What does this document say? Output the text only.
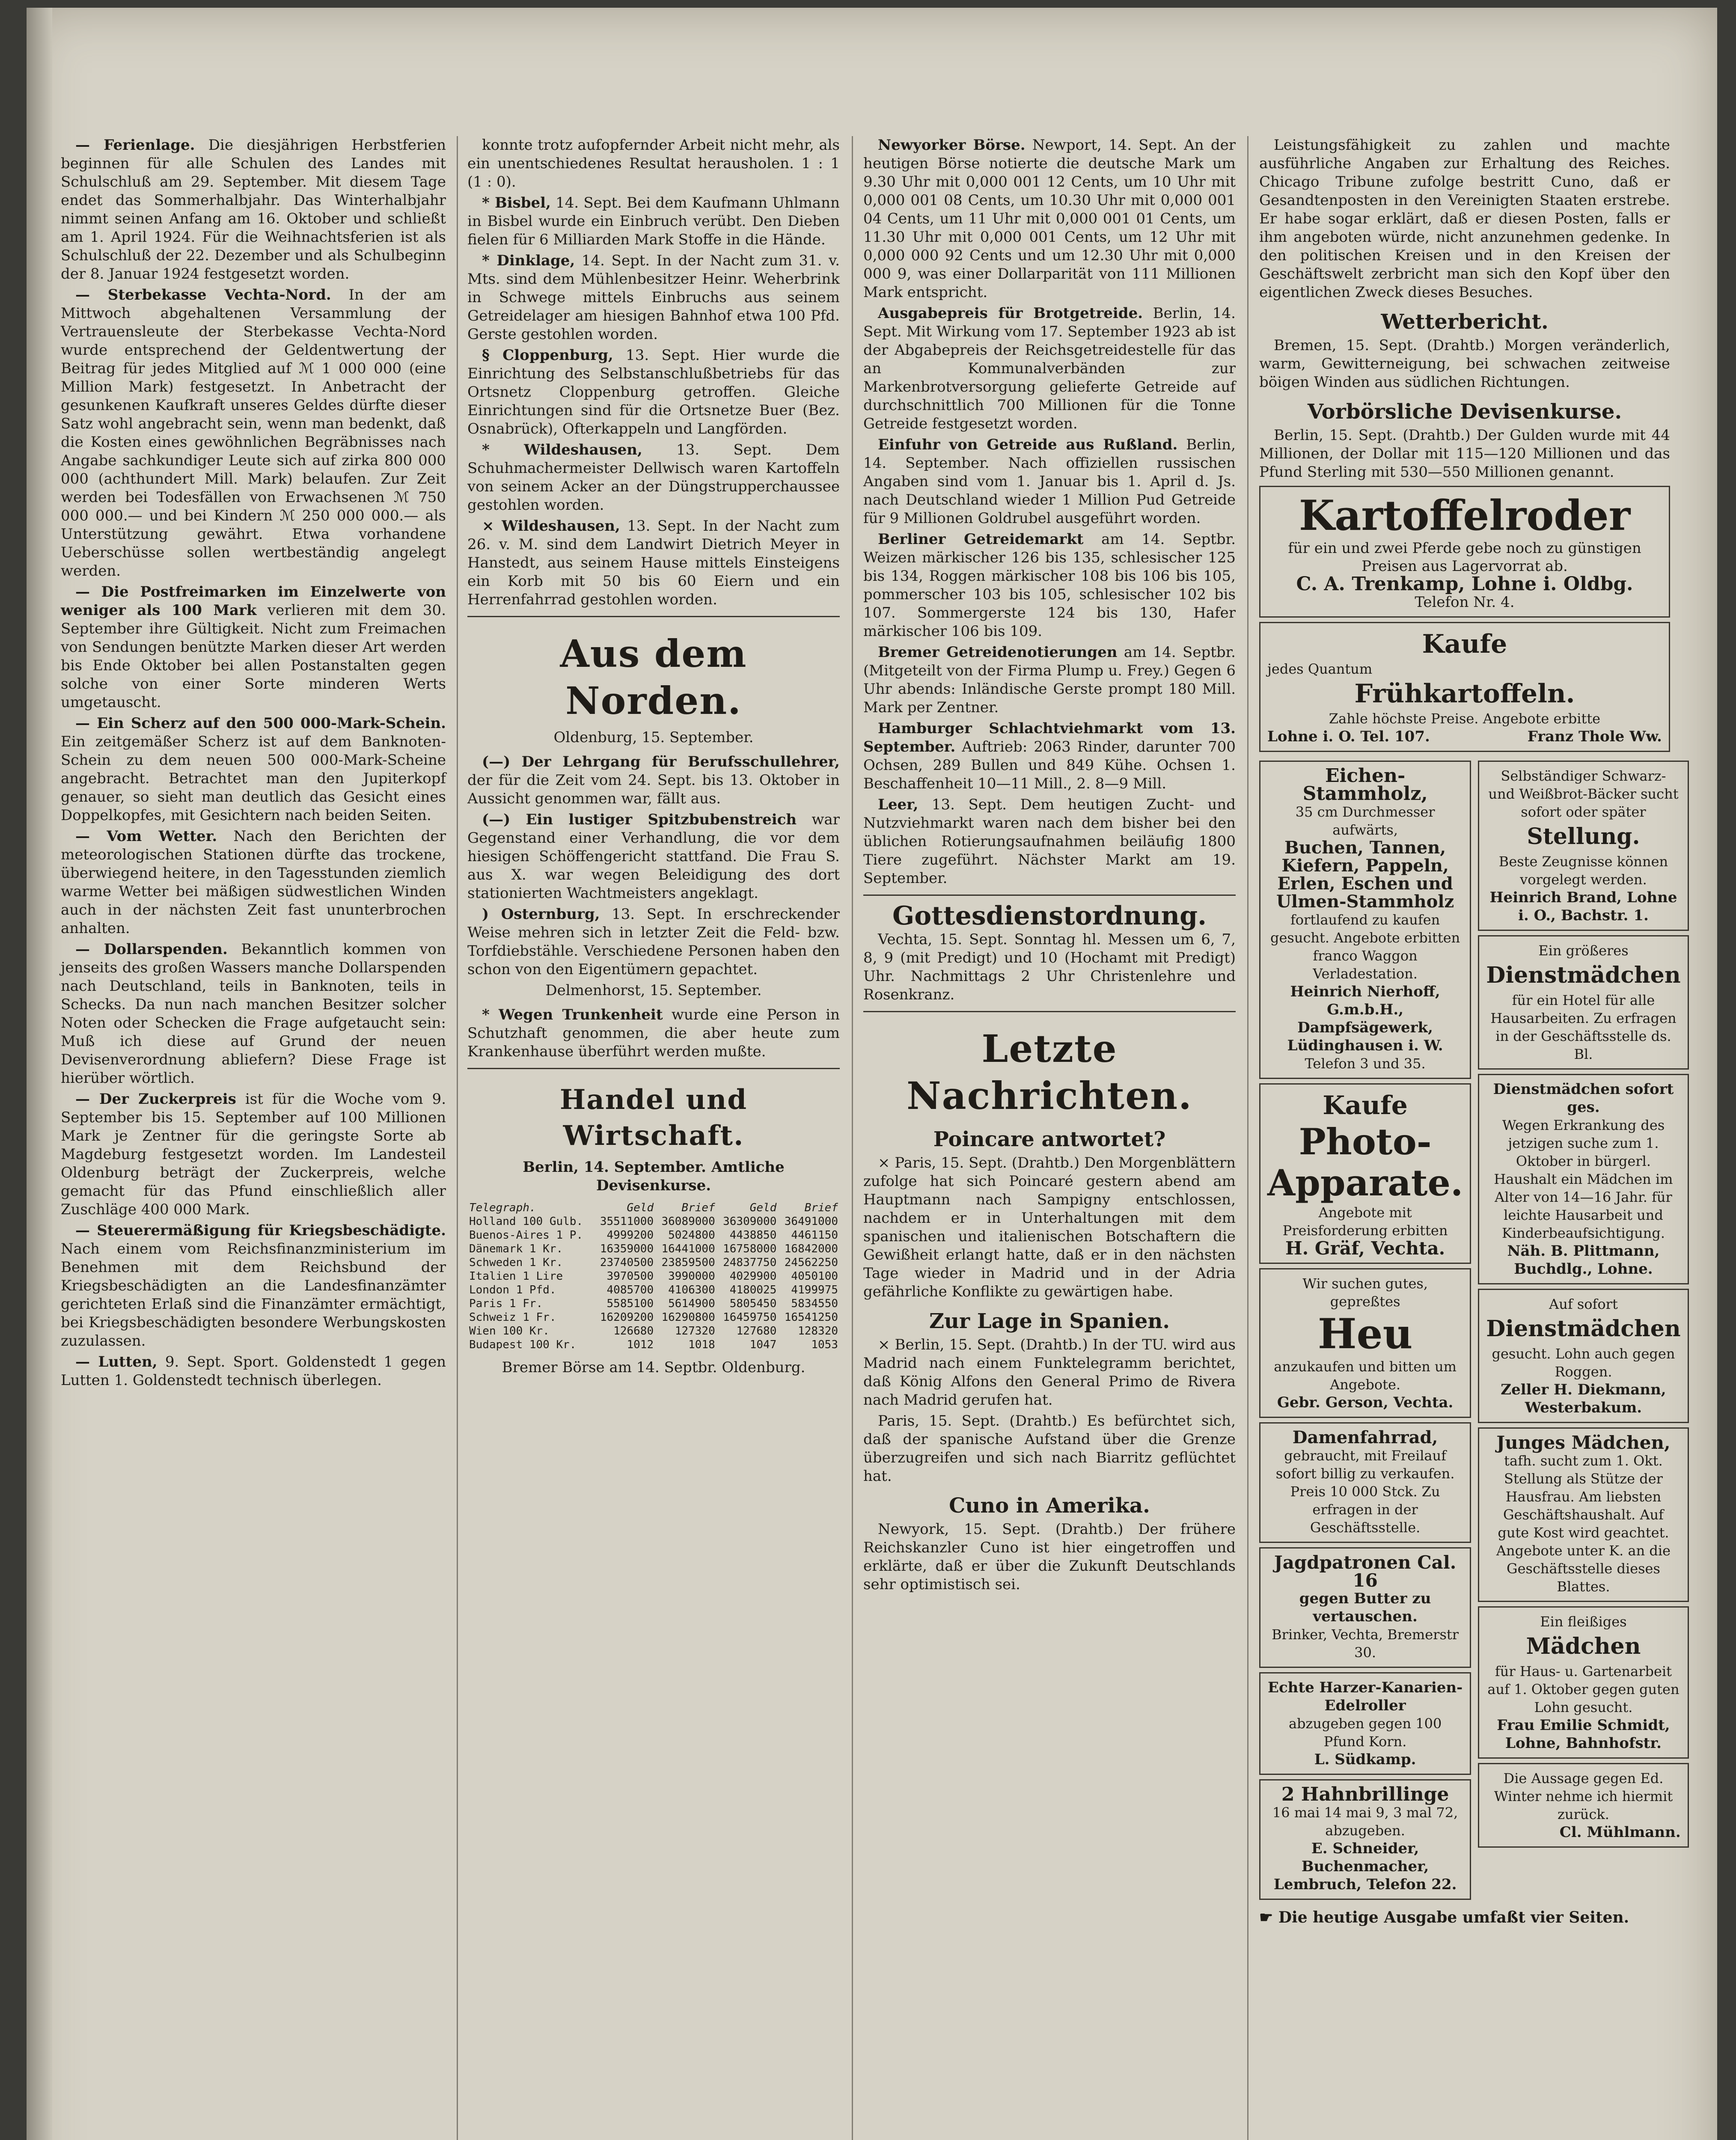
— Ferienlage. Die diesjährigen Herbstferien beginnen für alle Schulen des Landes mit Schulschluß am 29. September. Mit diesem Tage endet das Sommerhalbjahr. Das Winterhalbjahr nimmt seinen Anfang am 16. Oktober und schließt am 1. April 1924. Für die Weihnachtsferien ist als Schulschluß der 22. Dezember und als Schulbeginn der 8. Januar 1924 festgesetzt worden.

— Sterbekasse Vechta-Nord. In der am Mittwoch abgehaltenen Versammlung der Vertrauensleute der Sterbekasse Vechta-Nord wurde entsprechend der Geldentwertung der Beitrag für jedes Mitglied auf ℳ 1 000 000 (eine Million Mark) festgesetzt. In Anbetracht der gesunkenen Kaufkraft unseres Geldes dürfte dieser Satz wohl angebracht sein, wenn man bedenkt, daß die Kosten eines gewöhnlichen Begräbnisses nach Angabe sachkundiger Leute sich auf zirka 800 000 000 (achthundert Mill. Mark) belaufen. Zur Zeit werden bei Todesfällen von Erwachsenen ℳ 750 000 000.— und bei Kindern ℳ 250 000 000.— als Unterstützung gewährt. Etwa vorhandene Ueberschüsse sollen wertbeständig angelegt werden.

— Die Postfreimarken im Einzelwerte von weniger als 100 Mark verlieren mit dem 30. September ihre Gültigkeit. Nicht zum Freimachen von Sendungen benützte Marken dieser Art werden bis Ende Oktober bei allen Postanstalten gegen solche von einer Sorte minderen Werts umgetauscht.

— Ein Scherz auf den 500 000-Mark-Schein. Ein zeitgemäßer Scherz ist auf dem Banknoten-Schein zu dem neuen 500 000-Mark-Scheine angebracht. Betrachtet man den Jupiterkopf genauer, so sieht man deutlich das Gesicht eines Doppelkopfes, mit Gesichtern nach beiden Seiten.

— Vom Wetter. Nach den Berichten der meteorologischen Stationen dürfte das trockene, überwiegend heitere, in den Tagesstunden ziemlich warme Wetter bei mäßigen südwestlichen Winden auch in der nächsten Zeit fast ununterbrochen anhalten.

— Dollarspenden. Bekanntlich kommen von jenseits des großen Wassers manche Dollarspenden nach Deutschland, teils in Banknoten, teils in Schecks. Da nun nach manchen Besitzer solcher Noten oder Schecken die Frage aufgetaucht sein: Muß ich diese auf Grund der neuen Devisenverordnung abliefern? Diese Frage ist hierüber wörtlich.

— Der Zuckerpreis ist für die Woche vom 9. September bis 15. September auf 100 Millionen Mark je Zentner für die geringste Sorte ab Magdeburg festgesetzt worden. Im Landesteil Oldenburg beträgt der Zuckerpreis, welche gemacht für das Pfund einschließlich aller Zuschläge 400 000 Mark.

— Steuerermäßigung für Kriegsbeschädigte. Nach einem vom Reichsfinanzministerium im Benehmen mit dem Reichsbund der Kriegsbeschädigten an die Landesfinanzämter gerichteten Erlaß sind die Finanzämter ermächtigt, bei Kriegsbeschädigten besondere Werbungskosten zuzulassen.

— Lutten, 9. Sept. Sport. Goldenstedt 1 gegen Lutten 1. Goldenstedt technisch überlegen.

konnte trotz aufopfernder Arbeit nicht mehr, als ein unentschiedenes Resultat herausholen. 1 : 1 (1 : 0).

* Bisbel, 14. Sept. Bei dem Kaufmann Uhlmann in Bisbel wurde ein Einbruch verübt. Den Dieben fielen für 6 Milliarden Mark Stoffe in die Hände.

* Dinklage, 14. Sept. In der Nacht zum 31. v. Mts. sind dem Mühlenbesitzer Heinr. Weherbrink in Schwege mittels Einbruchs aus seinem Getreidelager am hiesigen Bahnhof etwa 100 Pfd. Gerste gestohlen worden.

§ Cloppenburg, 13. Sept. Hier wurde die Einrichtung des Selbstanschlußbetriebs für das Ortsnetz Cloppenburg getroffen. Gleiche Einrichtungen sind für die Ortsnetze Buer (Bez. Osnabrück), Ofterkappeln und Langförden.

* Wildeshausen, 13. Sept. Dem Schuhmachermeister Dellwisch waren Kartoffeln von seinem Acker an der Düngstrupperchaussee gestohlen worden.

× Wildeshausen, 13. Sept. In der Nacht zum 26. v. M. sind dem Landwirt Dietrich Meyer in Hanstedt, aus seinem Hause mittels Einsteigens ein Korb mit 50 bis 60 Eiern und ein Herrenfahrrad gestohlen worden.

Aus dem Norden.
Oldenburg, 15. September.

(—) Der Lehrgang für Berufsschullehrer, der für die Zeit vom 24. Sept. bis 13. Oktober in Aussicht genommen war, fällt aus.

(—) Ein lustiger Spitzbubenstreich war Gegenstand einer Verhandlung, die vor dem hiesigen Schöffengericht stattfand. Die Frau S. aus X. war wegen Beleidigung des dort stationierten Wachtmeisters angeklagt.

) Osternburg, 13. Sept. In erschreckender Weise mehren sich in letzter Zeit die Feld- bzw. Torfdiebstähle. Verschiedene Personen haben den schon von den Eigentümern gepachtet.

Delmenhorst, 15. September.

* Wegen Trunkenheit wurde eine Person in Schutzhaft genommen, die aber heute zum Krankenhause überführt werden mußte.

Handel und Wirtschaft.
Berlin, 14. September. Amtliche Devisenkurse.
Telegraph.	Geld	Brief	Geld	Brief
Holland 100 Gulb.	35511000	36089000	36309000	36491000
Buenos-Aires 1 P.	4999200	5024800	4438850	4461150
Dänemark 1 Kr.	16359000	16441000	16758000	16842000
Schweden 1 Kr.	23740500	23859500	24837750	24562250
Italien 1 Lire	3970500	3990000	4029900	4050100
London 1 Pfd.	4085700	4106300	4180025	4199975
Paris 1 Fr.	5585100	5614900	5805450	5834550
Schweiz 1 Fr.	16209200	16290800	16459750	16541250
Wien 100 Kr.	126680	127320	127680	128320
Budapest 100 Kr.	1012	1018	1047	1053
Bremer Börse am 14. Septbr. Oldenburg.

Newyorker Börse. Newport, 14. Sept. An der heutigen Börse notierte die deutsche Mark um 9.30 Uhr mit 0,000 001 12 Cents, um 10 Uhr mit 0,000 001 08 Cents, um 10.30 Uhr mit 0,000 001 04 Cents, um 11 Uhr mit 0,000 001 01 Cents, um 11.30 Uhr mit 0,000 001 Cents, um 12 Uhr mit 0,000 000 92 Cents und um 12.30 Uhr mit 0,000 000 9, was einer Dollarparität von 111 Millionen Mark entspricht.

Ausgabepreis für Brotgetreide. Berlin, 14. Sept. Mit Wirkung vom 17. September 1923 ab ist der Abgabepreis der Reichsgetreidestelle für das an Kommunalverbänden zur Markenbrotversorgung gelieferte Getreide auf durchschnittlich 700 Millionen für die Tonne Getreide festgesetzt worden.

Einfuhr von Getreide aus Rußland. Berlin, 14. September. Nach offiziellen russischen Angaben sind vom 1. Januar bis 1. April d. Js. nach Deutschland wieder 1 Million Pud Getreide für 9 Millionen Goldrubel ausgeführt worden.

Berliner Getreidemarkt am 14. Septbr. Weizen märkischer 126 bis 135, schlesischer 125 bis 134, Roggen märkischer 108 bis 106 bis 105, pommerscher 103 bis 105, schlesischer 102 bis 107. Sommergerste 124 bis 130, Hafer märkischer 106 bis 109.

Bremer Getreidenotierungen am 14. Septbr. (Mitgeteilt von der Firma Plump u. Frey.) Gegen 6 Uhr abends: Inländische Gerste prompt 180 Mill. Mark per Zentner.

Hamburger Schlachtviehmarkt vom 13. September. Auftrieb: 2063 Rinder, darunter 700 Ochsen, 289 Bullen und 849 Kühe. Ochsen 1. Beschaffenheit 10—11 Mill., 2. 8—9 Mill.

Leer, 13. Sept. Dem heutigen Zucht- und Nutzviehmarkt waren nach dem bisher bei den üblichen Rotierungsaufnahmen beiläufig 1800 Tiere zugeführt. Nächster Markt am 19. September.

Gottesdienstordnung.

Vechta, 15. Sept. Sonntag hl. Messen um 6, 7, 8, 9 (mit Predigt) und 10 (Hochamt mit Predigt) Uhr. Nachmittags 2 Uhr Christenlehre und Rosenkranz.

Letzte Nachrichten.
Poincare antwortet?

× Paris, 15. Sept. (Drahtb.) Den Morgenblättern zufolge hat sich Poincaré gestern abend am Hauptmann nach Sampigny entschlossen, nachdem er in Unterhaltungen mit dem spanischen und italienischen Botschaftern die Gewißheit erlangt hatte, daß er in den nächsten Tage wieder in Madrid und in der Adria gefährliche Konflikte zu gewärtigen habe.

Zur Lage in Spanien.

× Berlin, 15. Sept. (Drahtb.) In der TU. wird aus Madrid nach einem Funktelegramm berichtet, daß König Alfons den General Primo de Rivera nach Madrid gerufen hat.

Paris, 15. Sept. (Drahtb.) Es befürchtet sich, daß der spanische Aufstand über die Grenze überzugreifen und sich nach Biarritz geflüchtet hat.

Cuno in Amerika.

Newyork, 15. Sept. (Drahtb.) Der frühere Reichskanzler Cuno ist hier eingetroffen und erklärte, daß er über die Zukunft Deutschlands sehr optimistisch sei.

Leistungsfähigkeit zu zahlen und machte ausführliche Angaben zur Erhaltung des Reiches. Chicago Tribune zufolge bestritt Cuno, daß er Gesandtenposten in den Vereinigten Staaten erstrebe. Er habe sogar erklärt, daß er diesen Posten, falls er ihm angeboten würde, nicht anzunehmen gedenke. In den politischen Kreisen und in den Kreisen der Geschäftswelt zerbricht man sich den Kopf über den eigentlichen Zweck dieses Besuches.

Wetterbericht.

Bremen, 15. Sept. (Drahtb.) Morgen veränderlich, warm, Gewitterneigung, bei schwachen zeitweise böigen Winden aus südlichen Richtungen.

Vorbörsliche Devisenkurse.

Berlin, 15. Sept. (Drahtb.) Der Gulden wurde mit 44 Millionen, der Dollar mit 115—120 Millionen und das Pfund Sterling mit 530—550 Millionen genannt.

Kartoffelroder
für ein und zwei Pferde gebe noch zu günstigen Preisen aus Lagervorrat ab.
C. A. Trenkamp, Lohne i. Oldbg.
Telefon Nr. 4.
Kaufe
jedes Quantum
Frühkartoffeln.
Zahle höchste Preise. Angebote erbitte
Lohne i. O. Tel. 107.	Franz Thole Ww.
Eichen-Stammholz,
35 cm Durchmesser aufwärts,
Buchen, Tannen, Kiefern, Pappeln, Erlen, Eschen und Ulmen-Stammholz
fortlaufend zu kaufen gesucht. Angebote erbitten franco Waggon Verladestation.
Heinrich Nierhoff, G.m.b.H., Dampfsägewerk, Lüdinghausen i. W.
Telefon 3 und 35.
Kaufe
Photo-Apparate.
Angebote mit Preisforderung erbitten
H. Gräf, Vechta.
Wir suchen gutes, gepreßtes
Heu
anzukaufen und bitten um Angebote.
Gebr. Gerson, Vechta.
Damenfahrrad,
gebraucht, mit Freilauf sofort billig zu verkaufen. Preis 10 000 Stck. Zu erfragen in der Geschäftsstelle.
Jagdpatronen Cal. 16
gegen Butter zu vertauschen.
Brinker, Vechta, Bremerstr 30.
Echte Harzer-Kanarien-Edelroller
abzugeben gegen 100 Pfund Korn.
L. Südkamp.
2 Hahnbrillinge
16 mai 14 mai 9, 3 mal 72, abzugeben.
E. Schneider, Buchenmacher, Lembruch, Telefon 22.
Selbständiger Schwarz- und Weißbrot-Bäcker sucht sofort oder später
Stellung.
Beste Zeugnisse können vorgelegt werden.
Heinrich Brand, Lohne i. O., Bachstr. 1.
Ein größeres
Dienstmädchen
für ein Hotel für alle Hausarbeiten. Zu erfragen in der Geschäftsstelle ds. Bl.
Dienstmädchen sofort ges.
Wegen Erkrankung des jetzigen suche zum 1. Oktober in bürgerl. Haushalt ein Mädchen im Alter von 14—16 Jahr. für leichte Hausarbeit und Kinderbeaufsichtigung.
Näh. B. Plittmann, Buchdlg., Lohne.
Auf sofort
Dienstmädchen
gesucht. Lohn auch gegen Roggen.
Zeller H. Diekmann, Westerbakum.
Junges Mädchen,
tafh. sucht zum 1. Okt. Stellung als Stütze der Hausfrau. Am liebsten Geschäftshaushalt. Auf gute Kost wird geachtet. Angebote unter K. an die Geschäftsstelle dieses Blattes.
Ein fleißiges
Mädchen
für Haus- u. Gartenarbeit auf 1. Oktober gegen guten Lohn gesucht.
Frau Emilie Schmidt, Lohne, Bahnhofstr.
Die Aussage gegen Ed. Winter nehme ich hiermit zurück.
Cl. Mühlmann.
☛ Die heutige Ausgabe umfaßt vier Seiten.
